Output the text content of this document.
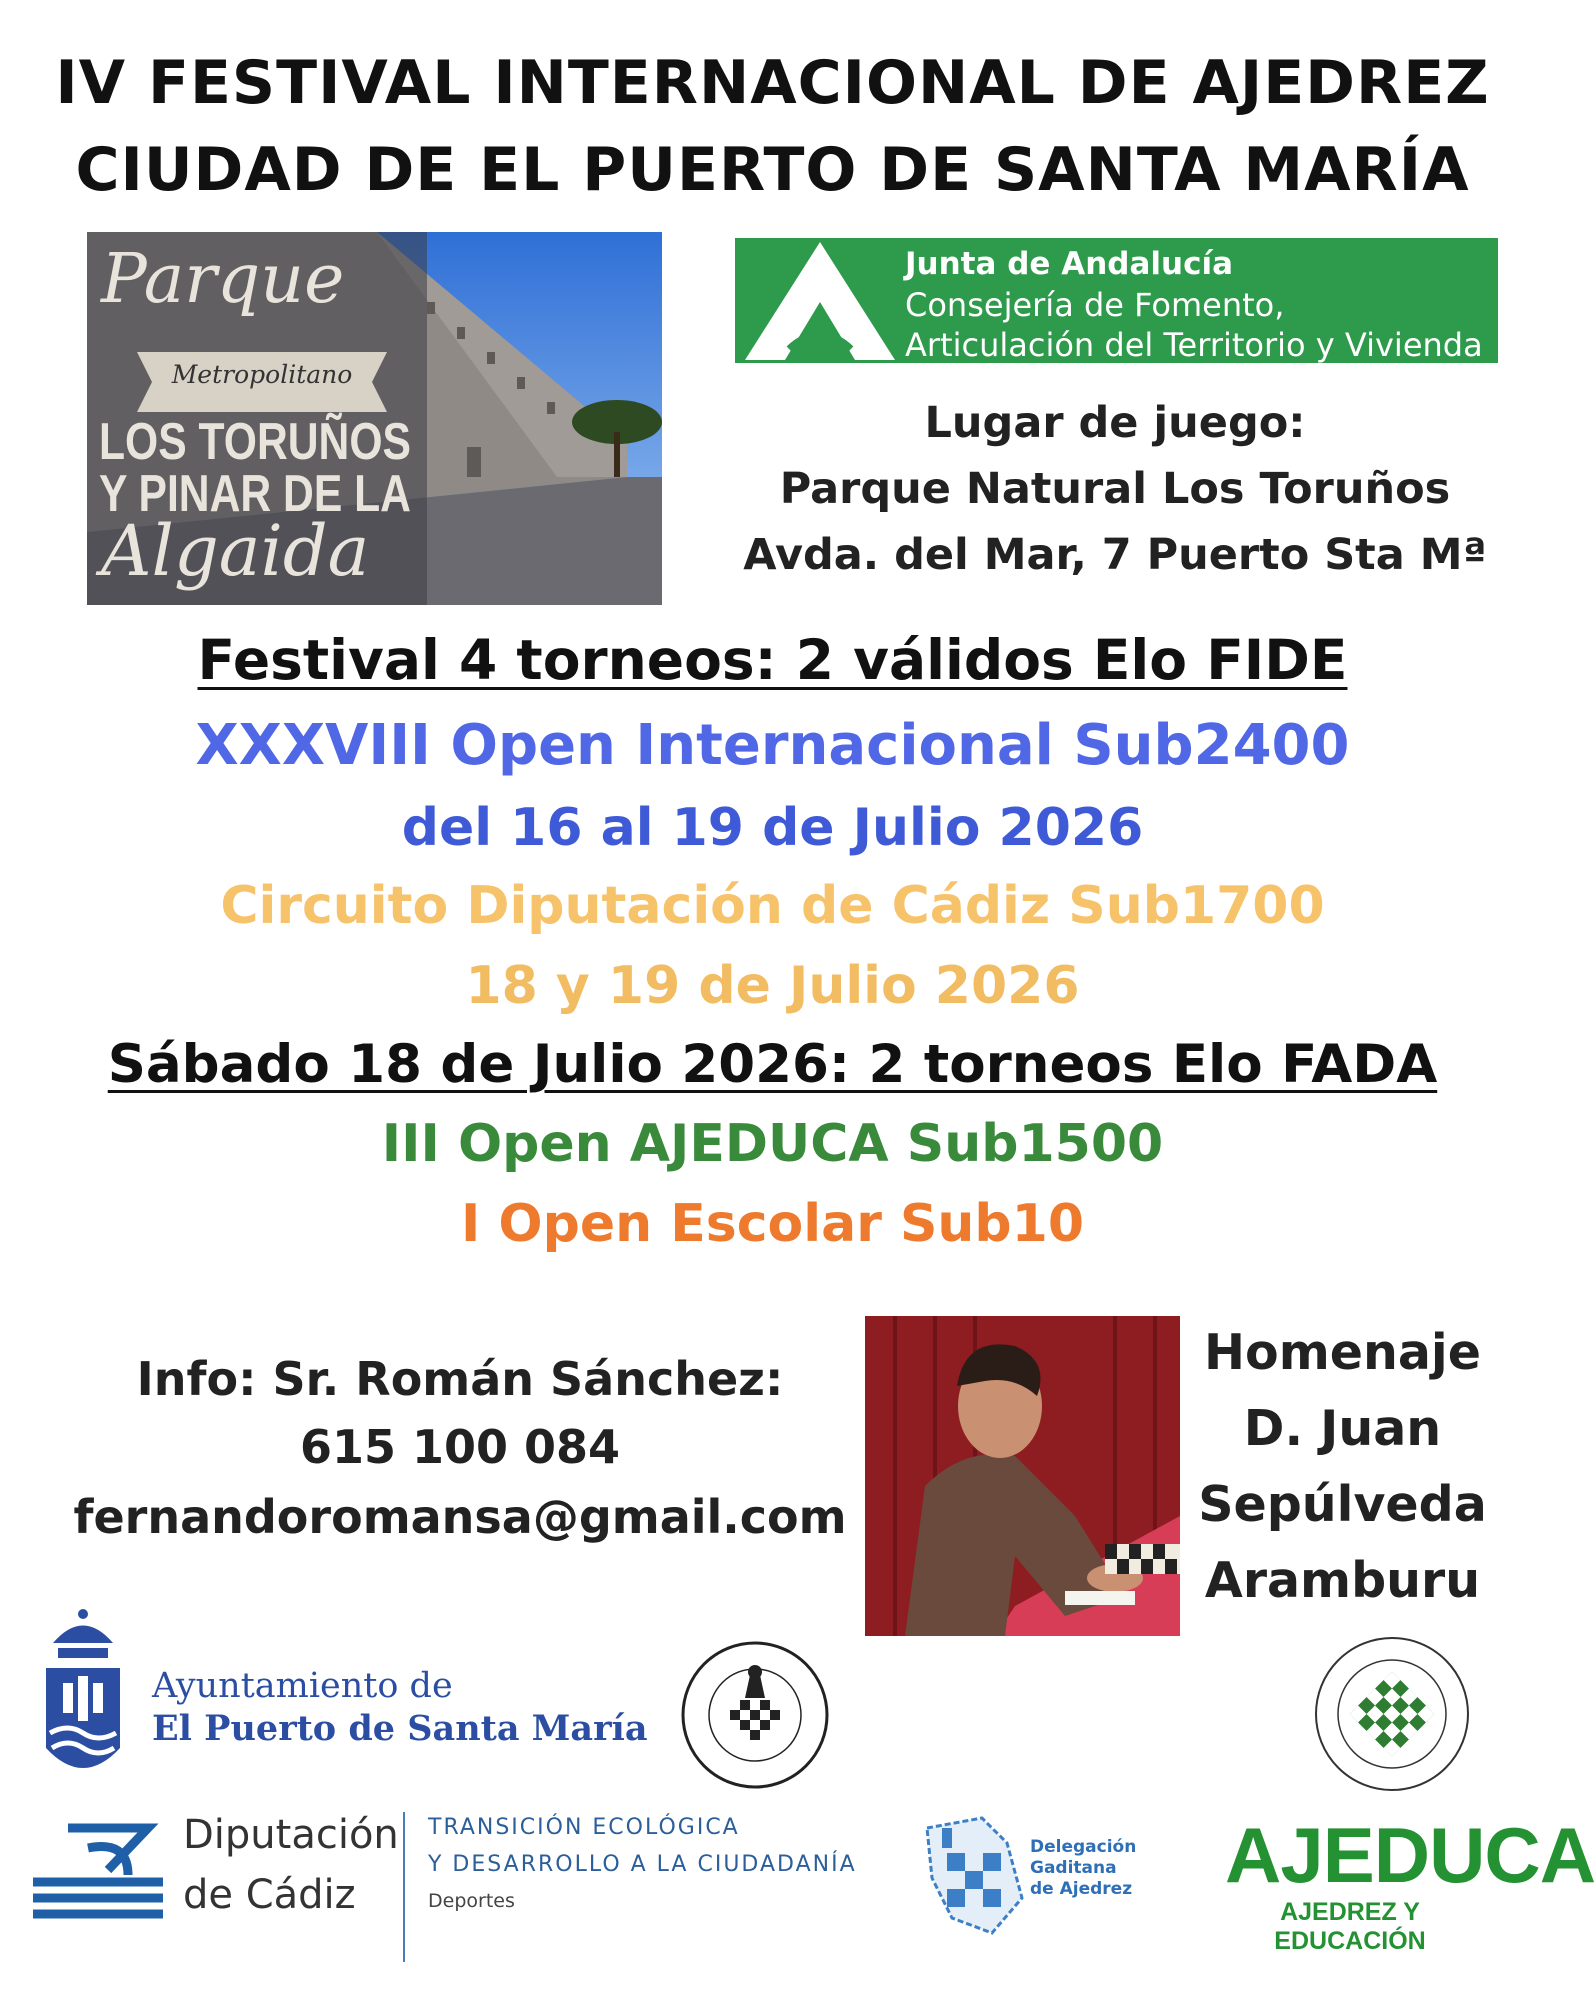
IV FESTIVAL INTERNACIONAL DE AJEDREZ
CIUDAD DE EL PUERTO DE SANTA MARÍA
Parque
Metropolitano
LOS TORUÑOS
Y PINAR DE LA
Algaida
Junta de Andalucía
Consejería de Fomento,
Articulación del Territorio y Vivienda
Lugar de juego:
Parque Natural Los Toruños
Avda. del Mar, 7 Puerto Sta Mª
Festival 4 torneos: 2 válidos Elo FIDE
XXXVIII Open Internacional Sub2400
del 16 al 19 de Julio 2026
Circuito Diputación de Cádiz Sub1700
18 y 19 de Julio 2026
Sábado 18 de Julio 2026: 2 torneos Elo FADA
III Open AJEDUCA Sub1500
I Open Escolar Sub10
Info: Sr. Román Sánchez:
615 100 084
fernandoromansa@gmail.com
Homenaje
D. Juan
Sepúlveda
Aramburu
Ayuntamiento de
El Puerto de Santa María
Diputación
de Cádiz
TRANSICIÓN ECOLÓGICA
Y DESARROLLO A LA CIUDADANÍA
Deportes
Delegación
Gaditana
de Ajedrez AJEDUCA
AJEDREZ Y EDUCACIÓN
